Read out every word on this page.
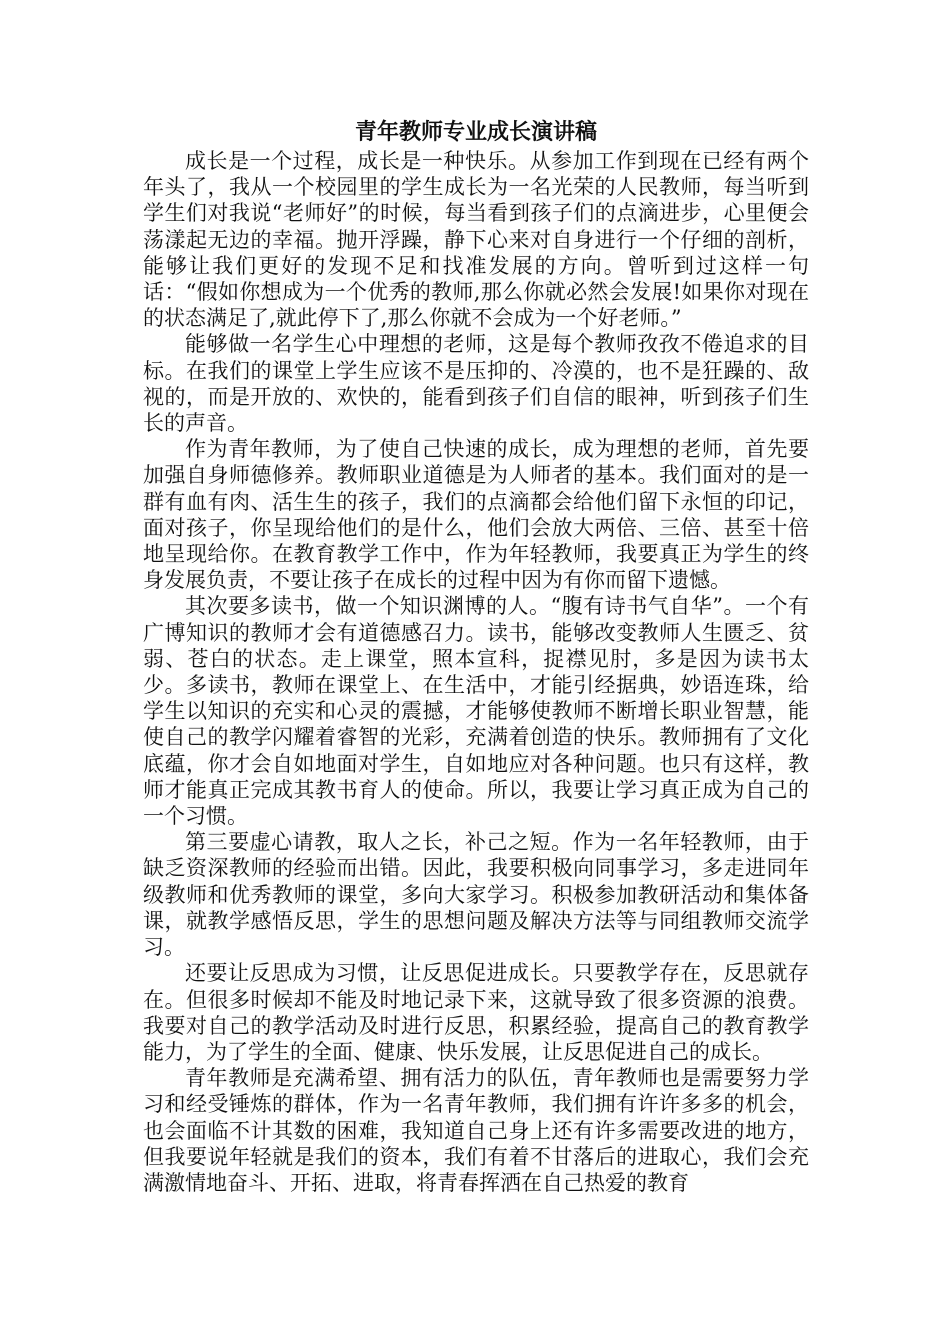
青年教师专业成长演讲稿

成长是一个过程，成长是一种快乐。从参加工作到现在已经有两个年头了，我从一个校园里的学生成长为一名光荣的人民教师，每当听到学生们对我说“老师好”的时候，每当看到孩子们的点滴进步，心里便会荡漾起无边的幸福。抛开浮躁，静下心来对自身进行一个仔细的剖析，能够让我们更好的发现不足和找准发展的方向。曾听到过这样一句话：“假如你想成为一个优秀的教师,那么你就必然会发展!如果你对现在的状态满足了,就此停下了,那么你就不会成为一个好老师。”

能够做一名学生心中理想的老师，这是每个教师孜孜不倦追求的目标。在我们的课堂上学生应该不是压抑的、冷漠的，也不是狂躁的、敌视的，而是开放的、欢快的，能看到孩子们自信的眼神，听到孩子们生长的声音。

作为青年教师，为了使自己快速的成长，成为理想的老师，首先要加强自身师德修养。教师职业道德是为人师者的基本。我们面对的是一群有血有肉、活生生的孩子，我们的点滴都会给他们留下永恒的印记，面对孩子，你呈现给他们的是什么，他们会放大两倍、三倍、甚至十倍地呈现给你。在教育教学工作中，作为年轻教师，我要真正为学生的终身发展负责，不要让孩子在成长的过程中因为有你而留下遗憾。

其次要多读书，做一个知识渊博的人。“腹有诗书气自华”。一个有广博知识的教师才会有道德感召力。读书，能够改变教师人生匮乏、贫弱、苍白的状态。走上课堂，照本宣科，捉襟见肘，多是因为读书太少。多读书，教师在课堂上、在生活中，才能引经据典，妙语连珠，给学生以知识的充实和心灵的震撼，才能够使教师不断增长职业智慧，能使自己的教学闪耀着睿智的光彩，充满着创造的快乐。教师拥有了文化底蕴，你才会自如地面对学生，自如地应对各种问题。也只有这样，教师才能真正完成其教书育人的使命。所以，我要让学习真正成为自己的一个习惯。

第三要虚心请教，取人之长，补己之短。作为一名年轻教师，由于缺乏资深教师的经验而出错。因此，我要积极向同事学习，多走进同年级教师和优秀教师的课堂，多向大家学习。积极参加教研活动和集体备课，就教学感悟反思，学生的思想问题及解决方法等与同组教师交流学习。

还要让反思成为习惯，让反思促进成长。只要教学存在，反思就存在。但很多时候却不能及时地记录下来，这就导致了很多资源的浪费。我要对自己的教学活动及时进行反思，积累经验，提高自己的教育教学能力，为了学生的全面、健康、快乐发展，让反思促进自己的成长。

青年教师是充满希望、拥有活力的队伍，青年教师也是需要努力学习和经受锤炼的群体，作为一名青年教师，我们拥有许许多多的机会，也会面临不计其数的困难，我知道自己身上还有许多需要改进的地方，但我要说年轻就是我们的资本，我们有着不甘落后的进取心，我们会充满激情地奋斗、开拓、进取，将青春挥洒在自己热爱的教育
